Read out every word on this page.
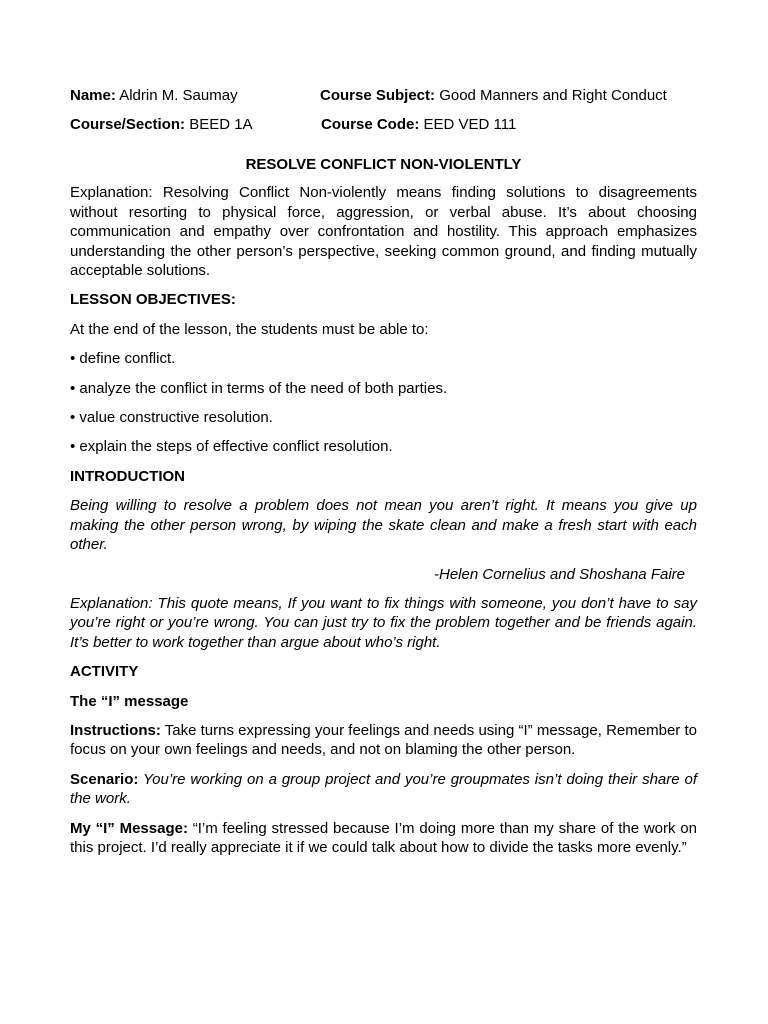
Name: Aldrin M. Saumay	Course Subject: Good Manners and Right Conduct
Course/Section: BEED 1A	Course Code: EED VED 111
RESOLVE CONFLICT NON-VIOLENTLY

Explanation: Resolving Conflict Non-violently means finding solutions to disagreements without resorting to physical force, aggression, or verbal abuse. It’s about choosing communication and empathy over confrontation and hostility. This approach emphasizes understanding the other person’s perspective, seeking common ground, and finding mutually acceptable solutions.

LESSON OBJECTIVES:

At the end of the lesson, the students must be able to:

• define conflict.

• analyze the conflict in terms of the need of both parties.

• value constructive resolution.

• explain the steps of effective conflict resolution.

INTRODUCTION

Being willing to resolve a problem does not mean you aren’t right. It means you give up making the other person wrong, by wiping the skate clean and make a fresh start with each other.

-Helen Cornelius and Shoshana Faire

Explanation: This quote means, If you want to fix things with someone, you don’t have to say you’re right or you’re wrong. You can just try to fix the problem together and be friends again. It’s better to work together than argue about who’s right.

ACTIVITY

The “I” message

Instructions: Take turns expressing your feelings and needs using “I” message, Remember to focus on your own feelings and needs, and not on blaming the other person.

Scenario: You’re working on a group project and you’re groupmates isn’t doing their share of the work.

My “I” Message: “I’m feeling stressed because I’m doing more than my share of the work on this project. I’d really appreciate it if we could talk about how to divide the tasks more evenly.”
